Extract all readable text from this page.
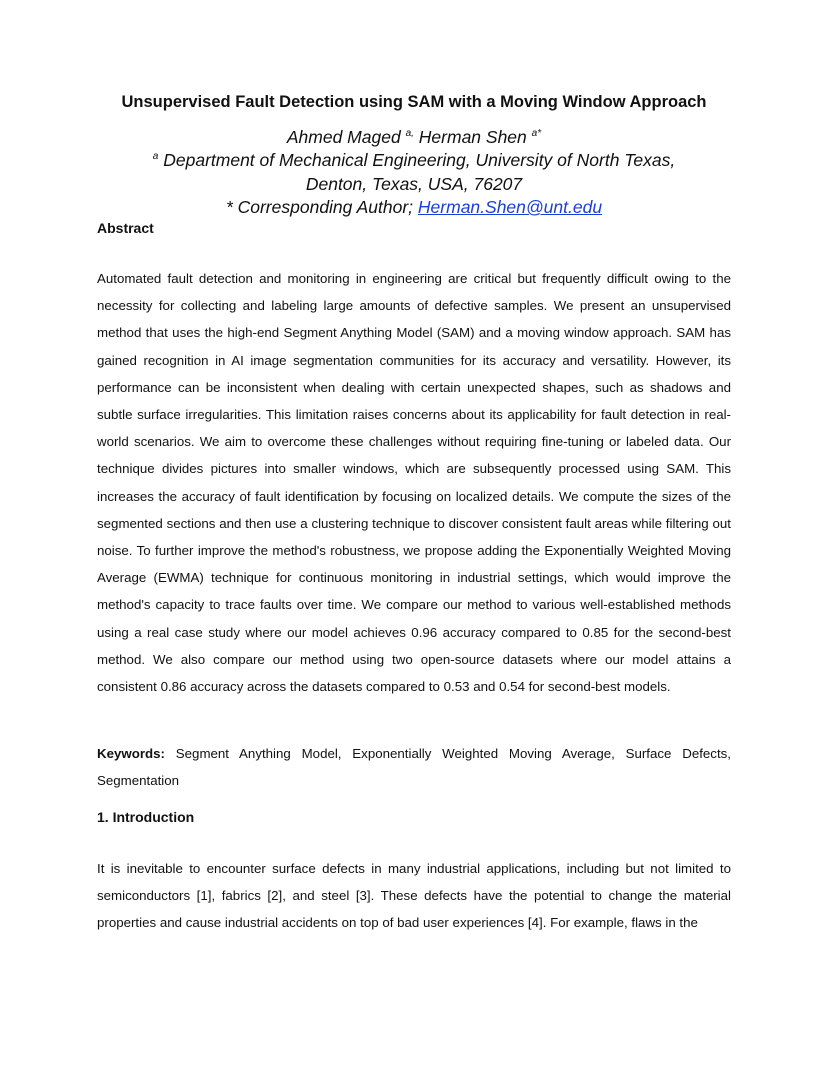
Unsupervised Fault Detection using SAM with a Moving Window Approach
Ahmed Maged $^{a,}$ Herman Shen $^{a*}$
$^a$ Department of Mechanical Engineering, University of North Texas,
Denton, Texas, USA, 76207
* Corresponding Author; Herman.Shen@unt.edu
Abstract

Automated fault detection and monitoring in engineering are critical but frequently difficult owing to the necessity for collecting and labeling large amounts of defective samples. We present an unsupervised method that uses the high-end Segment Anything Model (SAM) and a moving window approach. SAM has gained recognition in AI image segmentation communities for its accuracy and versatility. However, its performance can be inconsistent when dealing with certain unexpected shapes, such as shadows and subtle surface irregularities. This limitation raises concerns about its applicability for fault detection in real-world scenarios. We aim to overcome these challenges without requiring fine-tuning or labeled data. Our technique divides pictures into smaller windows, which are subsequently processed using SAM. This increases the accuracy of fault identification by focusing on localized details. We compute the sizes of the segmented sections and then use a clustering technique to discover consistent fault areas while filtering out noise. To further improve the method's robustness, we propose adding the Exponentially Weighted Moving Average (EWMA) technique for continuous monitoring in industrial settings, which would improve the method's capacity to trace faults over time. We compare our method to various well-established methods using a real case study where our model achieves 0.96 accuracy compared to 0.85 for the second-best method. We also compare our method using two open-source datasets where our model attains a consistent 0.86 accuracy across the datasets compared to 0.53 and 0.54 for second-best models.

Keywords: Segment Anything Model, Exponentially Weighted Moving Average, Surface Defects, Segmentation

1. Introduction

It is inevitable to encounter surface defects in many industrial applications, including but not limited to semiconductors [1], fabrics [2], and steel [3]. These defects have the potential to change the material properties and cause industrial accidents on top of bad user experiences [4]. For example, flaws in the
